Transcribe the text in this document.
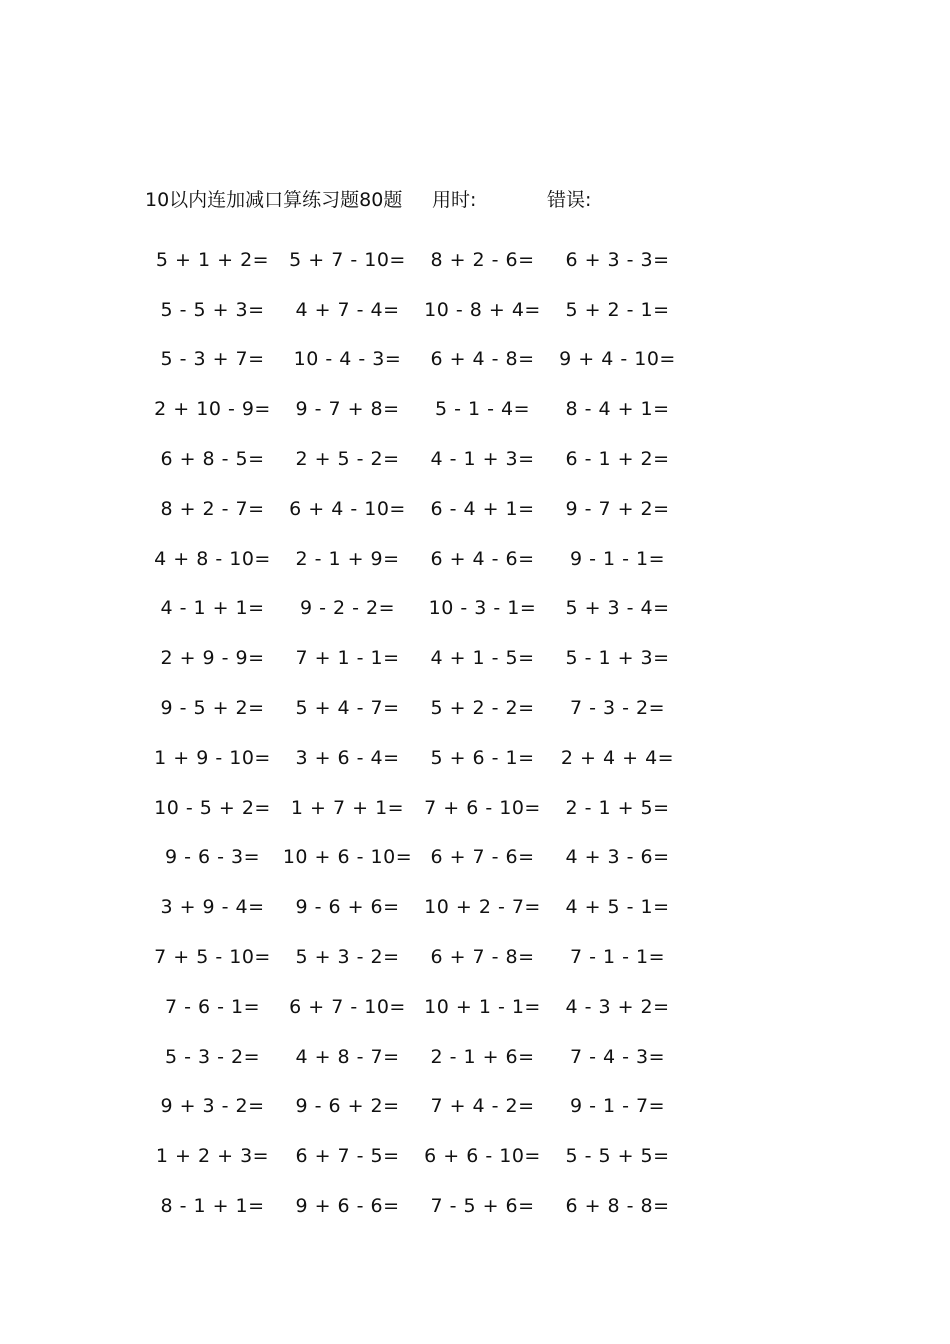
10以内连加减口算练习题80题 用时:	错误:
5 + 1 + 2=	5 + 7 - 10=	8 + 2 - 6=	6 + 3 - 3=
5 - 5 + 3=	4 + 7 - 4=	10 - 8 + 4=	5 + 2 - 1=
5 - 3 + 7=	10 - 4 - 3=	6 + 4 - 8=	9 + 4 - 10=
2 + 10 - 9=	9 - 7 + 8=	5 - 1 - 4=	8 - 4 + 1=
6 + 8 - 5=	2 + 5 - 2=	4 - 1 + 3=	6 - 1 + 2=
8 + 2 - 7=	6 + 4 - 10=	6 - 4 + 1=	9 - 7 + 2=
4 + 8 - 10=	2 - 1 + 9=	6 + 4 - 6=	9 - 1 - 1=
4 - 1 + 1=	9 - 2 - 2=	10 - 3 - 1=	5 + 3 - 4=
2 + 9 - 9=	7 + 1 - 1=	4 + 1 - 5=	5 - 1 + 3=
9 - 5 + 2=	5 + 4 - 7=	5 + 2 - 2=	7 - 3 - 2=
1 + 9 - 10=	3 + 6 - 4=	5 + 6 - 1=	2 + 4 + 4=
10 - 5 + 2=	1 + 7 + 1=	7 + 6 - 10=	2 - 1 + 5=
9 - 6 - 3=	10 + 6 - 10= 6 + 7 - 6=	4 + 3 - 6=
3 + 9 - 4=	9 - 6 + 6=	10 + 2 - 7=	4 + 5 - 1=
7 + 5 - 10=	5 + 3 - 2=	6 + 7 - 8=	7 - 1 - 1=
7 - 6 - 1=	6 + 7 - 10= 10 + 1 - 1=	4 - 3 + 2=
5 - 3 - 2=	4 + 8 - 7=	2 - 1 + 6=	7 - 4 - 3=
9 + 3 - 2=	9 - 6 + 2=	7 + 4 - 2=	9 - 1 - 7=
1 + 2 + 3=	6 + 7 - 5=	6 + 6 - 10=	5 - 5 + 5=
8 - 1 + 1=	9 + 6 - 6=	7 - 5 + 6=	6 + 8 - 8=
